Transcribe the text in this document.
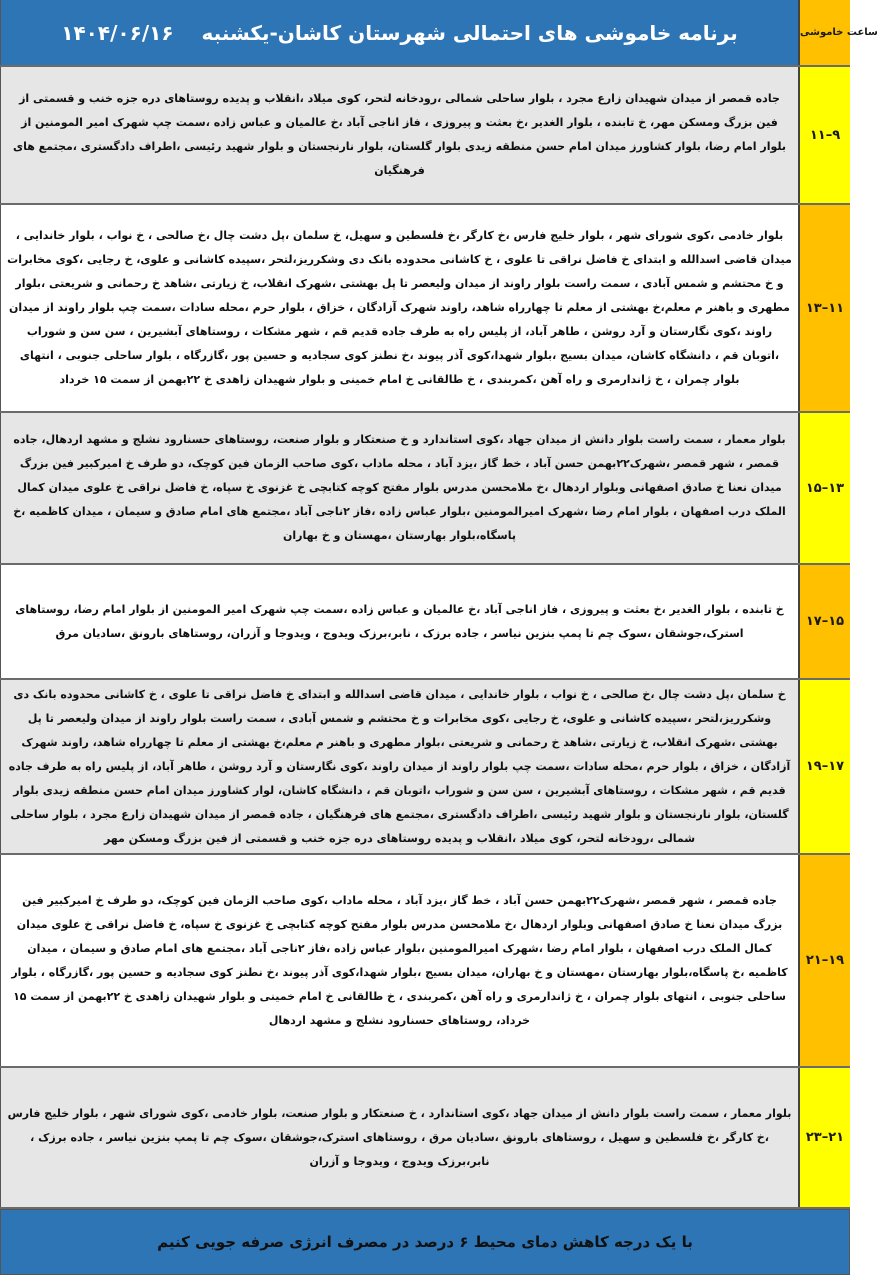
ساعت خاموشی
برنامه خاموشی های احتمالی شهرستان کاشان-یکشنبه
۱۴۰۴/۰۶/۱۶
۱۱–۹
جاده قمصر از میدان شهیدان زارع مجرد ، بلوار ساحلی شمالی ،رودخانه لتحر، کوی میلاد ،انقلاب و پدیده روستاهای دره جزه خنب و قسمتی از فین بزرگ ومسکن مهر، خ تابنده ، بلوار الغدیر ،خ بعثت و پیروزی ، فاز اناجی آباد ،خ عالمیان و عباس زاده ،سمت چپ شهرک امیر المومنین از بلوار امام رضا، بلوار کشاورز میدان امام حسن منطقه زیدی بلوار گلستان، بلوار نارنجستان و بلوار شهید رئیسی ،اطراف دادگستری ،مجتمع های فرهنگیان
۱۳–۱۱
بلوار خادمی ،کوی شورای شهر ، بلوار خلیج فارس ،خ کارگر ،خ فلسطین و سهیل، خ سلمان ،پل دشت چال ،خ صالحی ، خ نواب ، بلوار خاندایی ، میدان قاضی اسدالله و ابتدای خ فاضل نراقی تا علوی ، خ کاشانی محدوده بانک دی وشکرریز،لتحر ،سپیده کاشانی و علوی، خ رجایی ،کوی مخابرات و خ محتشم و شمس آبادی ، سمت راست بلوار راوند از میدان ولیعصر تا پل بهشتی ،شهرک انقلاب، خ زیارتی ،شاهد خ رحمانی و شریعتی ،بلوار مطهری و باهنر م معلم،خ بهشتی از معلم تا چهارراه شاهد، راوند شهرک آزادگان ، خزاق ، بلوار حرم ،محله سادات ،سمت چپ بلوار راوند از میدان راوند ،کوی نگارستان و آرد روشن ، طاهر آباد، از پلیس راه به طرف جاده قدیم قم ، شهر مشکات ، روستاهای آبشیرین ، سن سن و شوراب ،اتوبان قم ، دانشگاه کاشان، میدان بسیج ،بلوار شهدا،کوی آذر پیوند ،خ نطنز کوی سجادیه و حسین پور ،گازرگاه ، بلوار ساحلی جنوبی ، انتهای بلوار چمران ، خ ژاندارمری و راه آهن ،کمربندی ، خ طالقانی خ امام خمینی و بلوار شهیدان زاهدی خ ۲۲بهمن از سمت ۱۵ خرداد
۱۵–۱۳
بلوار معمار ، سمت راست بلوار دانش از میدان جهاد ،کوی استاندارد و خ صنعتکار و بلوار صنعت، روستاهای حسنارود نشلج و مشهد اردهال، جاده قمصر ، شهر قمصر ،شهرک۲۲بهمن حسن آباد ، خط گاز ،یزد آباد ، محله ماداب ،کوی صاحب الزمان فین کوچک، دو طرف خ امیرکبیر فین بزرگ میدان نعنا خ صادق اصفهانی وبلوار اردهال ،خ ملامحسن مدرس بلوار مفتح کوچه کتابچی خ غزنوی خ سپاه، خ فاضل نراقی خ علوی میدان کمال الملک درب اصفهان ، بلوار امام رضا ،شهرک امیرالمومنین ،بلوار عباس زاده ،فاز ۲ناجی آباد ،مجتمع های امام صادق و سیمان ، میدان کاظمیه ،خ پاسگاه،بلوار بهارستان ،مهستان و خ بهاران
۱۷–۱۵
خ تابنده ، بلوار الغدیر ،خ بعثت و پیروزی ، فاز اناجی آباد ،خ عالمیان و عباس زاده ،سمت چپ شهرک امیر المومنین از بلوار امام رضا، روستاهای استرک،جوشقان ،سوک چم تا پمپ بنزین نیاسر ، جاده برزک ، نابر،برزک ویدوج ، ویدوجا و آزران، روستاهای بارونق ،سادیان مرق
۱۹–۱۷
خ سلمان ،پل دشت چال ،خ صالحی ، خ نواب ، بلوار خاندایی ، میدان قاضی اسدالله و ابتدای خ فاضل نراقی تا علوی ، خ کاشانی محدوده بانک دی وشکرریز،لتحر ،سپیده کاشانی و علوی، خ رجایی ،کوی مخابرات و خ محتشم و شمس آبادی ، سمت راست بلوار راوند از میدان ولیعصر تا پل بهشتی ،شهرک انقلاب، خ زیارتی ،شاهد خ رحمانی و شریعتی ،بلوار مطهری و باهنر م معلم،خ بهشتی از معلم تا چهارراه شاهد، راوند شهرک آزادگان ، خزاق ، بلوار حرم ،محله سادات ،سمت چپ بلوار راوند از میدان راوند ،کوی نگارستان و آرد روشن ، طاهر آباد، از پلیس راه به طرف جاده قدیم قم ، شهر مشکات ، روستاهای آبشیرین ، سن سن و شوراب ،اتوبان قم ، دانشگاه کاشان، لوار کشاورز میدان امام حسن منطقه زیدی بلوار گلستان، بلوار نارنجستان و بلوار شهید رئیسی ،اطراف دادگستری ،مجتمع های فرهنگیان ، جاده قمصر از میدان شهیدان زارع مجرد ، بلوار ساحلی شمالی ،رودخانه لتحر، کوی میلاد ،انقلاب و پدیده روستاهای دره جزه خنب و قسمتی از فین بزرگ ومسکن مهر
۲۱–۱۹
جاده قمصر ، شهر قمصر ،شهرک۲۲بهمن حسن آباد ، خط گاز ،یزد آباد ، محله ماداب ،کوی صاحب الزمان فین کوچک، دو طرف خ امیرکبیر فین بزرگ میدان نعنا خ صادق اصفهانی وبلوار اردهال ،خ ملامحسن مدرس بلوار مفتح کوچه کتابچی خ غزنوی خ سپاه، خ فاضل نراقی خ علوی میدان کمال الملک درب اصفهان ، بلوار امام رضا ،شهرک امیرالمومنین ،بلوار عباس زاده ،فاز ۲ناجی آباد ،مجتمع های امام صادق و سیمان ، میدان کاظمیه ،خ پاسگاه،بلوار بهارستان ،مهستان و خ بهاران، میدان بسیج ،بلوار شهدا،کوی آذر پیوند ،خ نطنز کوی سجادیه و حسین پور ،گازرگاه ، بلوار ساحلی جنوبی ، انتهای بلوار چمران ، خ ژاندارمری و راه آهن ،کمربندی ، خ طالقانی خ امام خمینی و بلوار شهیدان زاهدی خ ۲۲بهمن از سمت ۱۵ خرداد، روستاهای حسنارود نشلج و مشهد اردهال
۲۳–۲۱
بلوار معمار ، سمت راست بلوار دانش از میدان جهاد ،کوی استاندارد ، خ صنعتکار و بلوار صنعت، بلوار خادمی ،کوی شورای شهر ، بلوار خلیج فارس ،خ کارگر ،خ فلسطین و سهیل ، روستاهای بارونق ،سادیان مرق ، روستاهای استرک،جوشقان ،سوک چم تا پمپ بنزین نیاسر ، جاده برزک ، نابر،برزک ویدوج ، ویدوجا و آزران
با یک درجه کاهش دمای محیط ۶ درصد در مصرف انرژی صرفه جویی کنیم
